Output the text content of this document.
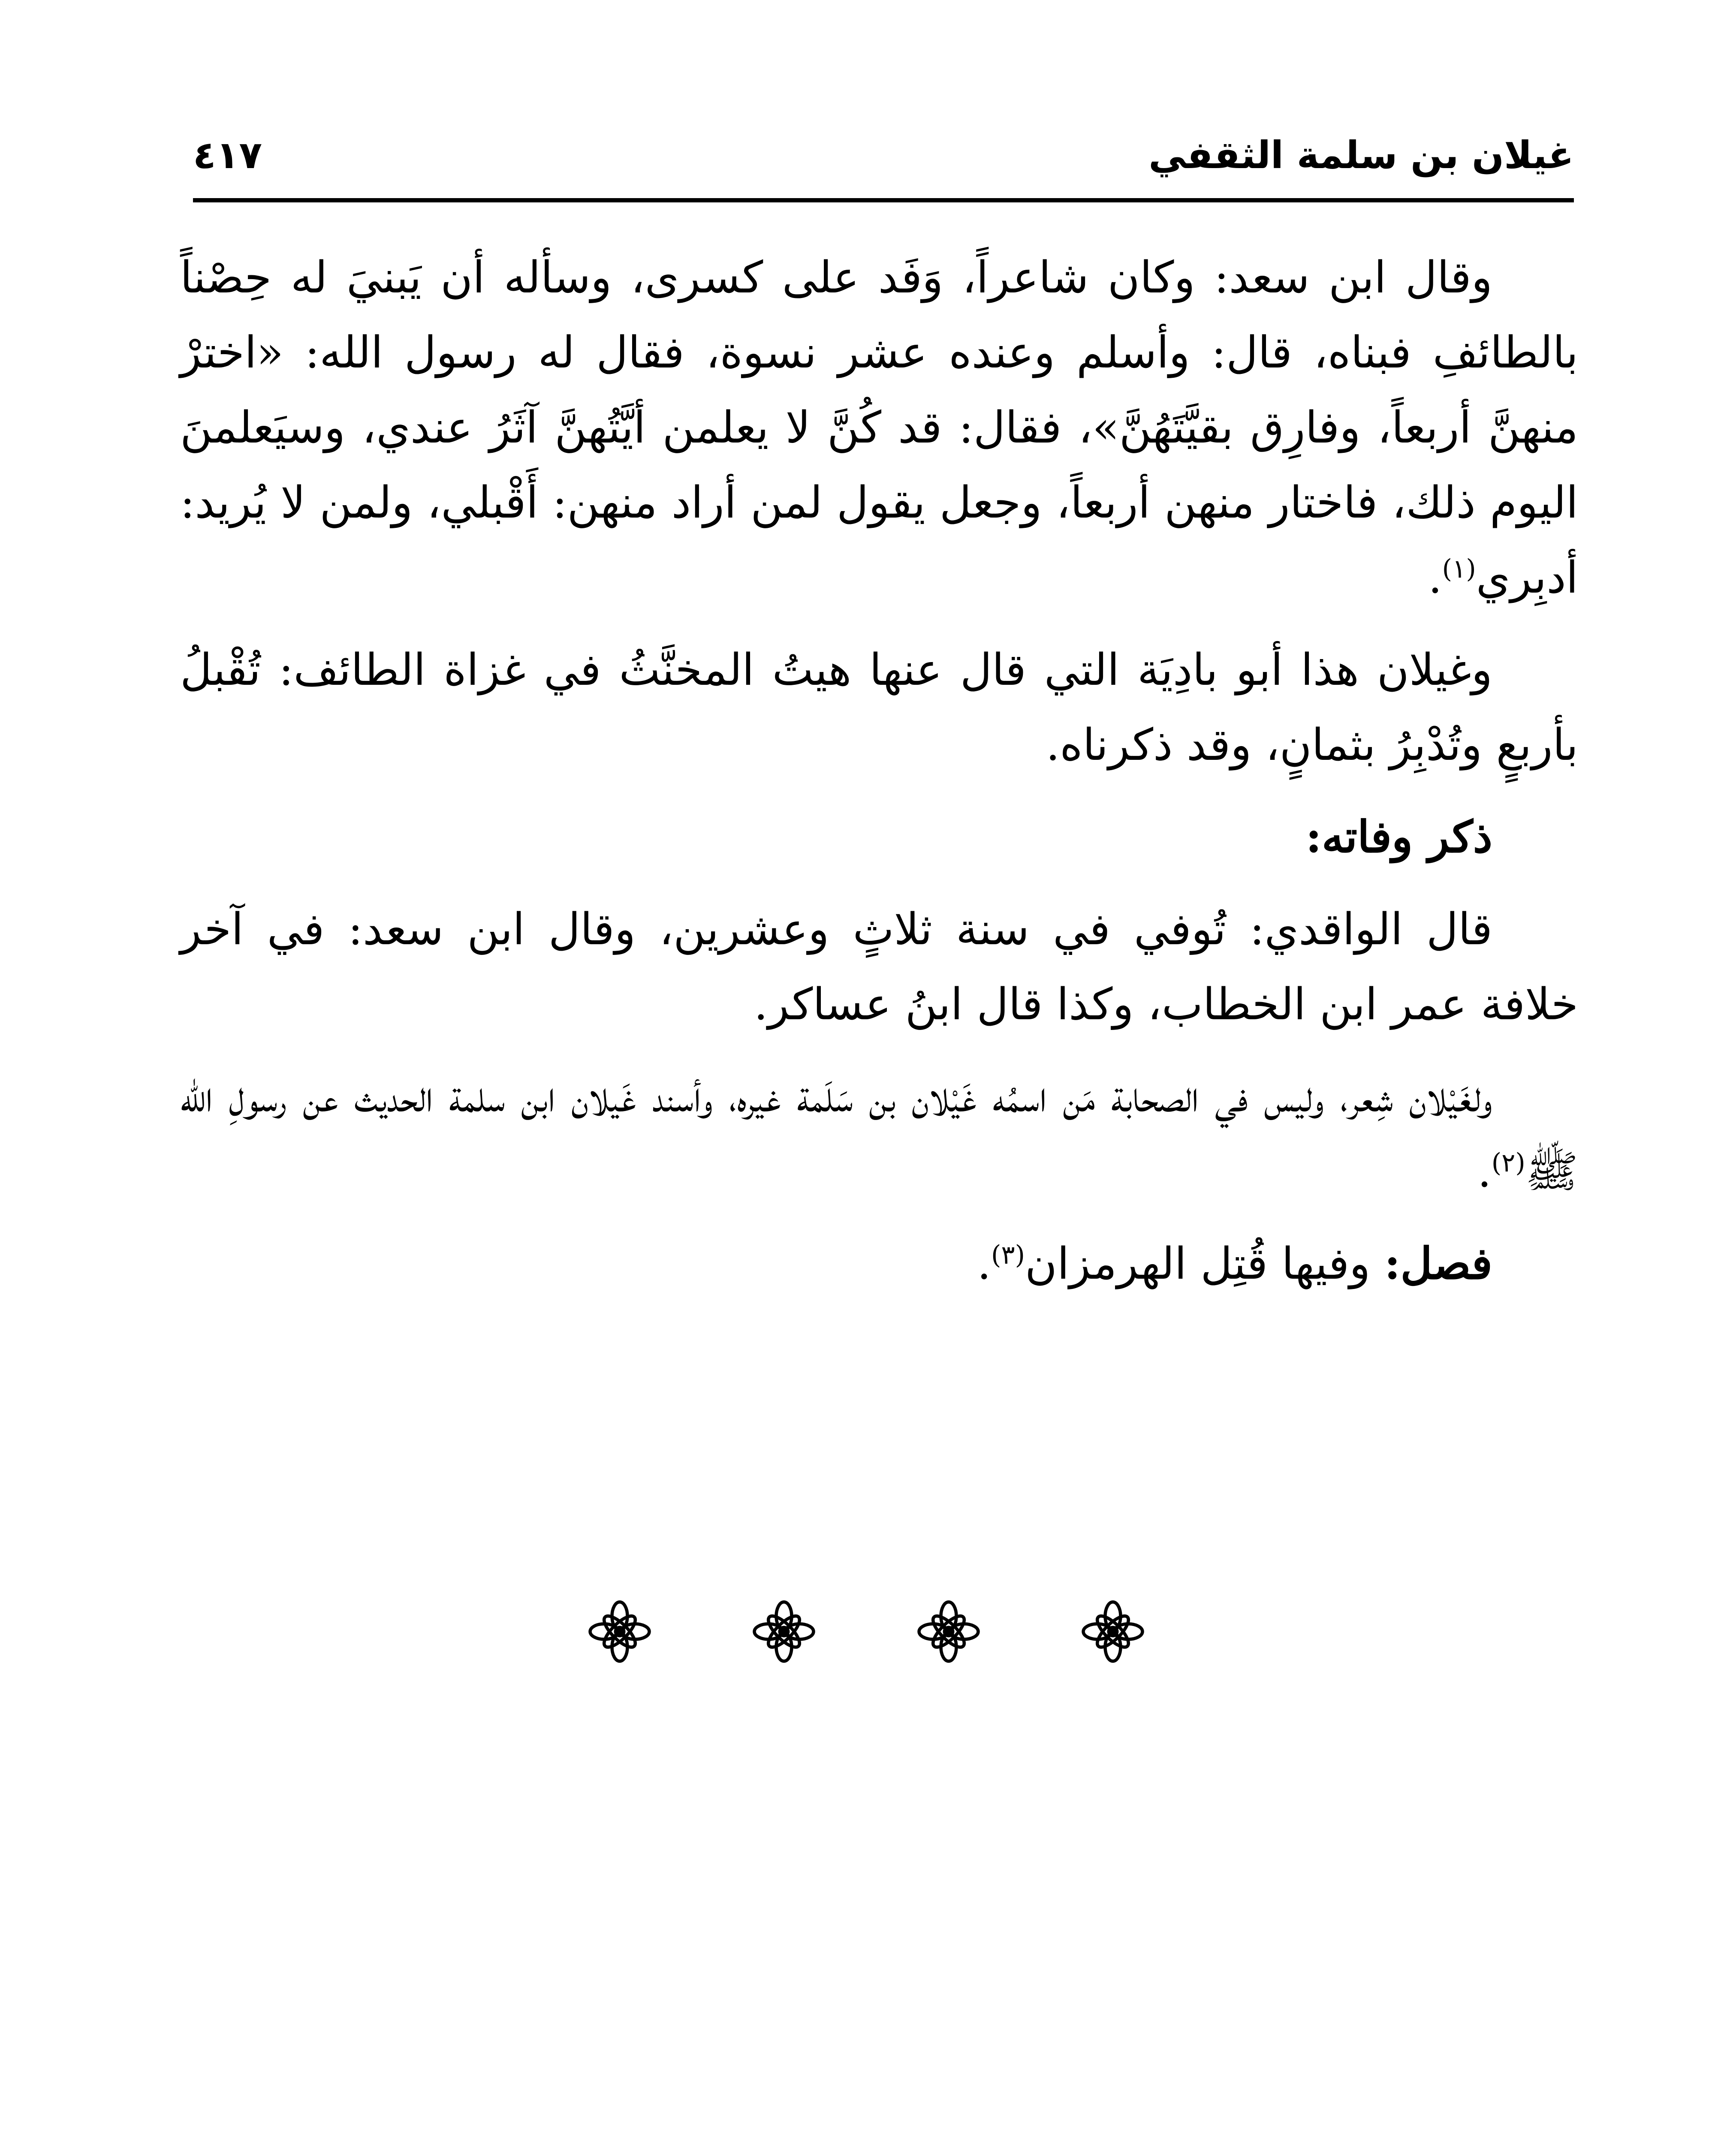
٤١٧	غيلان بن سلمة الثقفي

وقال ابن سعد: وكان شاعراً، وَفَد على كسرى، وسأله أن يَبنيَ له حِصْناً بالطائفِ فبناه، قال: وأسلم وعنده عشر نسوة، فقال له رسول الله: «اخترْ منهنَّ أربعاً، وفارِق بقيَّتَهُنَّ»، فقال: قد كُنَّ لا يعلمن أيَّتُهنَّ آثَرُ عندي، وسيَعلمنَ اليوم ذلك، فاختار منهن أربعاً، وجعل يقول لمن أراد منهن: أَقْبلي، ولمن لا يُريد: أدبِري$^{(١)}$.

وغيلان هذا أبو بادِيَة التي قال عنها هيتُ المخنَّثُ في غزاة الطائف: تُقْبلُ بأربعٍ وتُدْبِرُ بثمانٍ، وقد ذكرناه.

ذكر وفاته:

قال الواقدي: تُوفي في سنة ثلاثٍ وعشرين، وقال ابن سعد: في آخر خلافة عمر ابن الخطاب، وكذا قال ابنُ عساكر.

ولغَيْلان شِعر، وليس في الصحابة مَن اسمُه غَيْلان بن سَلَمة غيره، وأسند غَيلان ابن سلمة الحديث عن رسولِ الله ﷺ$^{(٢)}$.

فصل: وفيها قُتِل الهرمزان$^{(٣)}$.
